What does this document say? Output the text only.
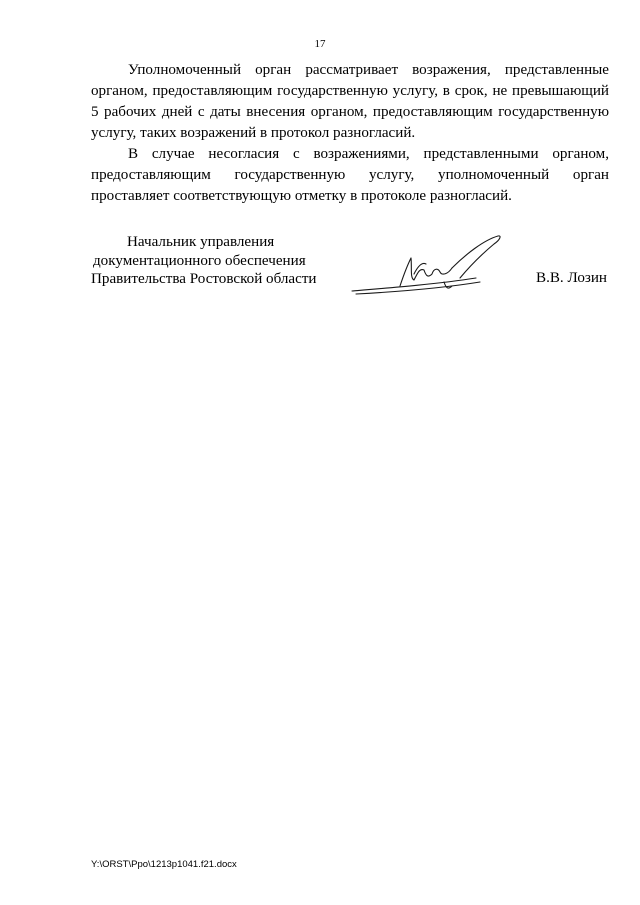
17

Уполномоченный орган рассматривает возражения, представленные органом, предоставляющим государственную услугу, в срок, не превышающий 5 рабочих дней с даты внесения органом, предоставляющим государственную услугу, таких возражений в протокол разногласий.

В случае несогласия с возражениями, представленными органом, предоставляющим государственную услугу, уполномоченный орган проставляет соответствующую отметку в протоколе разногласий.

Начальник управления
документационного обеспечения
Правительства Ростовской области	В.В. Лозин
Y:\ORST\Ppo\1213p1041.f21.docx
